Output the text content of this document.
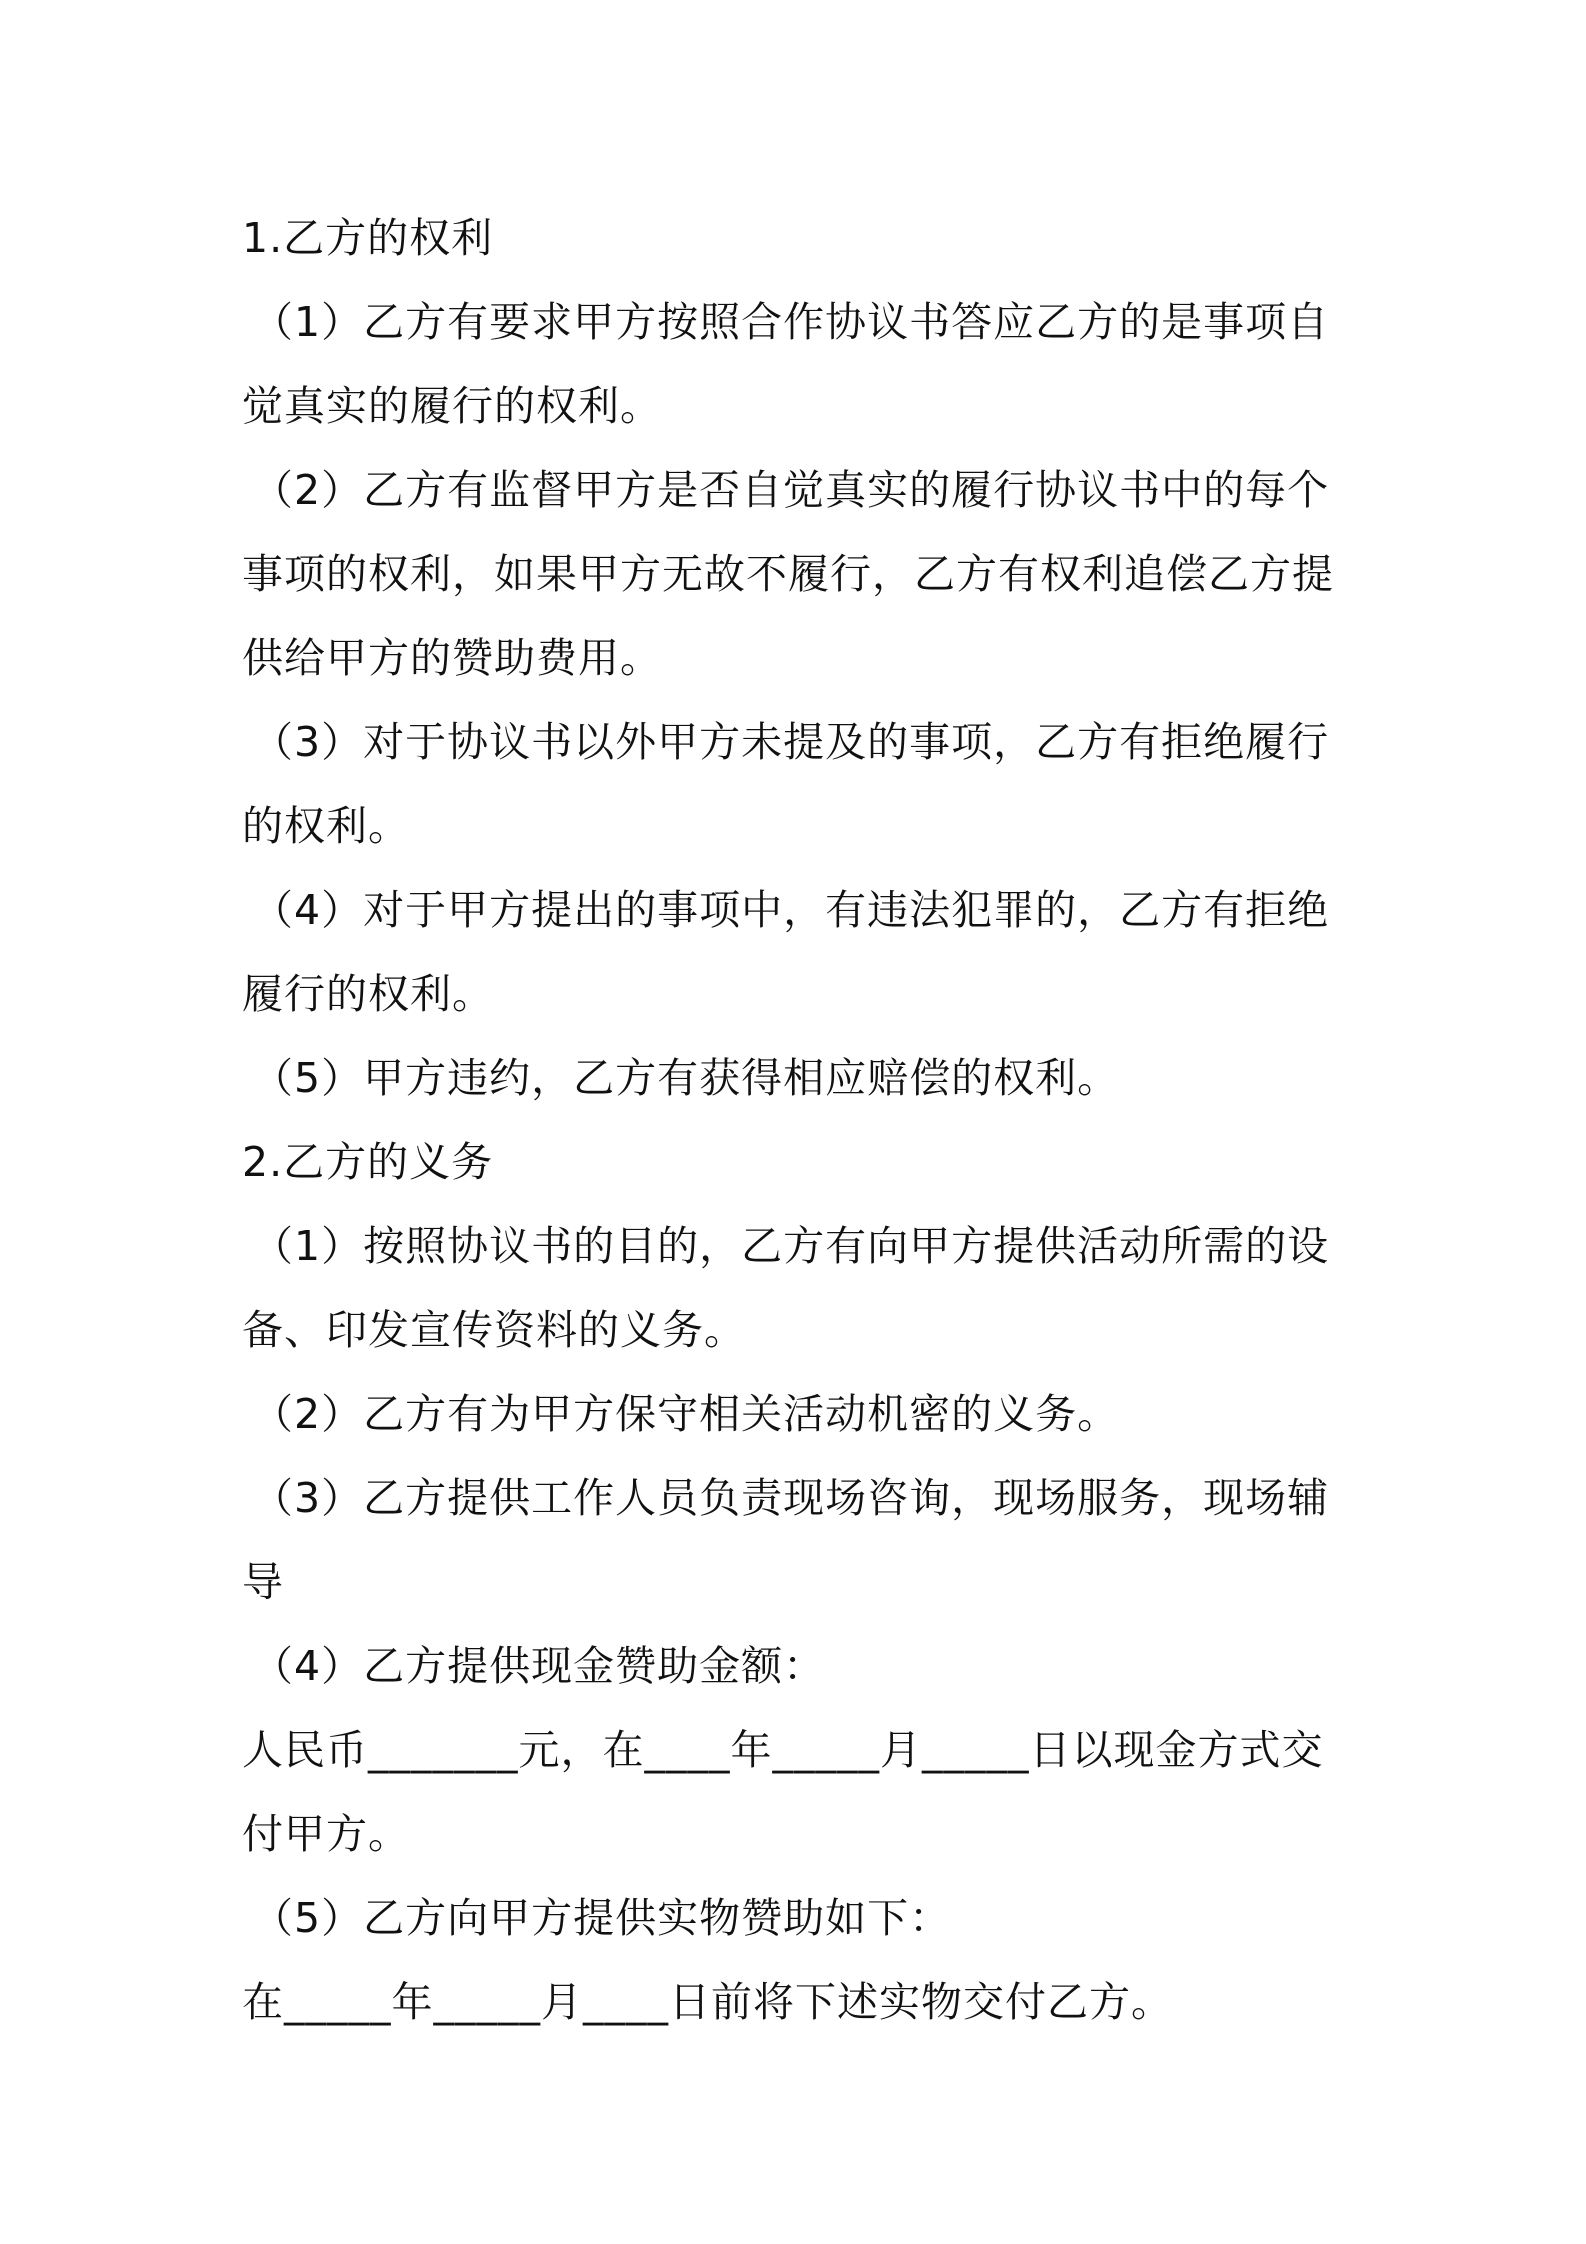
1.乙方的权利
（1）乙方有要求甲方按照合作协议书答应乙方的是事项自
觉真实的履行的权利。
（2）乙方有监督甲方是否自觉真实的履行协议书中的每个
事项的权利，如果甲方无故不履行，乙方有权利追偿乙方提
供给甲方的赞助费用。
（3）对于协议书以外甲方未提及的事项，乙方有拒绝履行
的权利。
（4）对于甲方提出的事项中，有违法犯罪的，乙方有拒绝
履行的权利。
（5）甲方违约，乙方有获得相应赔偿的权利。
2.乙方的义务
（1）按照协议书的目的，乙方有向甲方提供活动所需的设
备、印发宣传资料的义务。
（2）乙方有为甲方保守相关活动机密的义务。
（3）乙方提供工作人员负责现场咨询，现场服务，现场辅
导
（4）乙方提供现金赞助金额：
人民币_______元，在____年_____月_____日以现金方式交
付甲方。
（5）乙方向甲方提供实物赞助如下：
在_____年_____月____日前将下述实物交付乙方。
